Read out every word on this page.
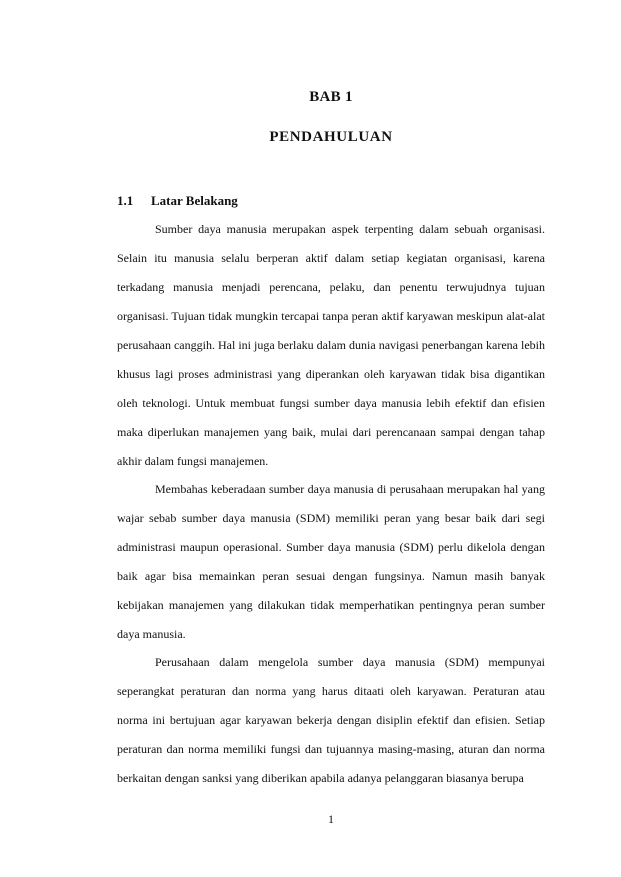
BAB 1
PENDAHULUAN
1.1	Latar Belakang

Sumber daya manusia merupakan aspek terpenting dalam sebuah organisasi. Selain itu manusia selalu berperan aktif dalam setiap kegiatan organisasi, karena terkadang manusia menjadi perencana, pelaku, dan penentu terwujudnya tujuan organisasi. Tujuan tidak mungkin tercapai tanpa peran aktif karyawan meskipun alat-alat perusahaan canggih. Hal ini juga berlaku dalam dunia navigasi penerbangan karena lebih khusus lagi proses administrasi yang diperankan oleh karyawan tidak bisa digantikan oleh teknologi. Untuk membuat fungsi sumber daya manusia lebih efektif dan efisien maka diperlukan manajemen yang baik, mulai dari perencanaan sampai dengan tahap akhir dalam fungsi manajemen.

Membahas keberadaan sumber daya manusia di perusahaan merupakan hal yang wajar sebab sumber daya manusia (SDM) memiliki peran yang besar baik dari segi administrasi maupun operasional. Sumber daya manusia (SDM) perlu dikelola dengan baik agar bisa memainkan peran sesuai dengan fungsinya. Namun masih banyak kebijakan manajemen yang dilakukan tidak memperhatikan pentingnya peran sumber daya manusia.

Perusahaan dalam mengelola sumber daya manusia (SDM) mempunyai seperangkat peraturan dan norma yang harus ditaati oleh karyawan. Peraturan atau norma ini bertujuan agar karyawan bekerja dengan disiplin efektif dan efisien. Setiap peraturan dan norma memiliki fungsi dan tujuannya masing-masing, aturan dan norma berkaitan dengan sanksi yang diberikan apabila adanya pelanggaran biasanya berupa

1
